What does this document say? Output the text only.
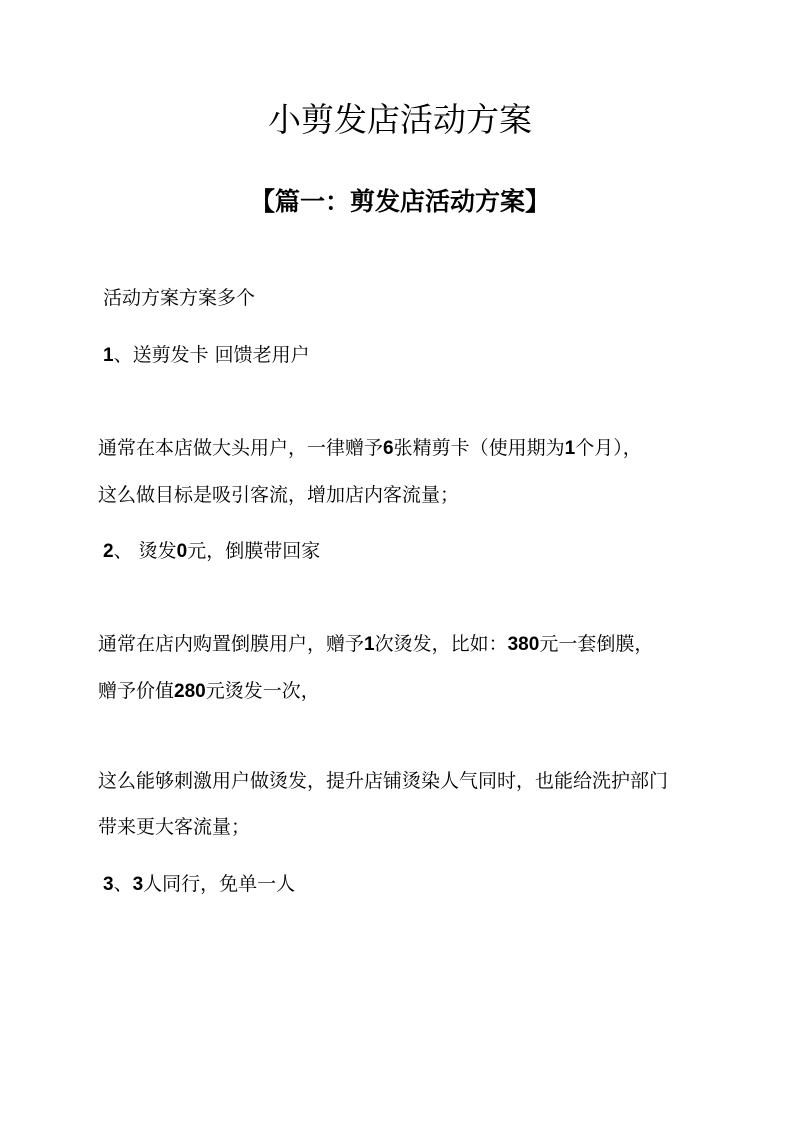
小剪发店活动方案
【篇一：剪发店活动方案】

活动方案方案多个

1、送剪发卡 回馈老用户

通常在本店做大头用户，一律赠予6张精剪卡（使用期为1个月），

这么做目标是吸引客流，增加店内客流量；

2、 烫发0元，倒膜带回家

通常在店内购置倒膜用户，赠予1次烫发，比如：380元一套倒膜，

赠予价值280元烫发一次，

这么能够刺激用户做烫发，提升店铺烫染人气同时，也能给洗护部门

带来更大客流量；

3、3人同行，免单一人
